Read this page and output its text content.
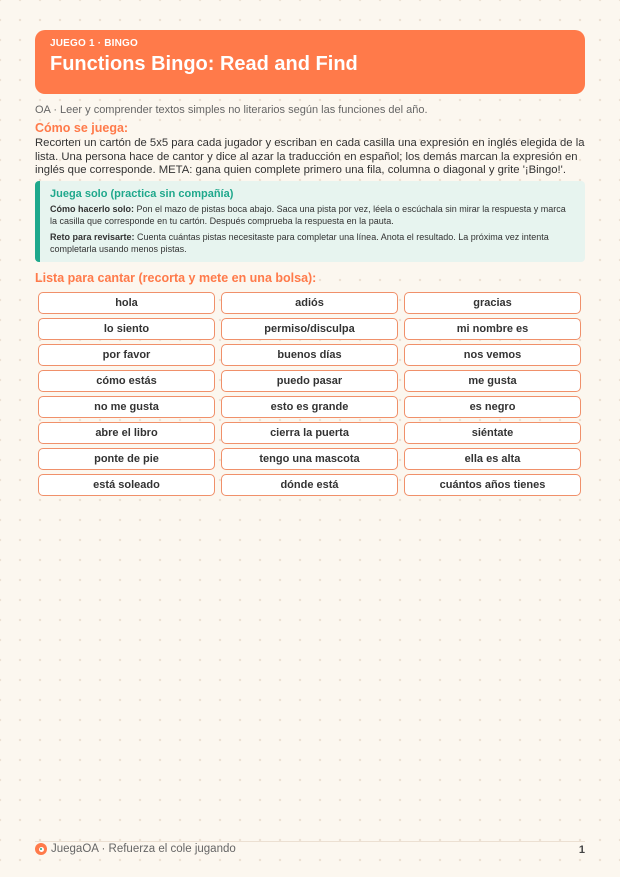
JUEGO 1 · BINGO
Functions Bingo: Read and Find
OA · Leer y comprender textos simples no literarios según las funciones del año.
Cómo se juega:
Recorten un cartón de 5x5 para cada jugador y escriban en cada casilla una expresión en inglés elegida de la lista. Una persona hace de cantor y dice al azar la traducción en español; los demás marcan la expresión en inglés que corresponde. META: gana quien complete primero una fila, columna o diagonal y grite '¡Bingo!'.
Juega solo (practica sin compañía)

Cómo hacerlo solo: Pon el mazo de pistas boca abajo. Saca una pista por vez, léela o escúchala sin mirar la respuesta y marca la casilla que corresponde en tu cartón. Después comprueba la respuesta en la pauta.

Reto para revisarte: Cuenta cuántas pistas necesitaste para completar una línea. Anota el resultado. La próxima vez intenta completarla usando menos pistas.

Lista para cantar (recorta y mete en una bolsa):
hola	adiós	gracias
lo siento	permiso/disculpa	mi nombre es
por favor	buenos días	nos vemos
cómo estás	puedo pasar	me gusta
no me gusta	esto es grande	es negro
abre el libro	cierra la puerta	siéntate
ponte de pie	tengo una mascota	ella es alta
está soleado	dónde está	cuántos años tienes
JuegaOA · Refuerza el cole jugando	1
